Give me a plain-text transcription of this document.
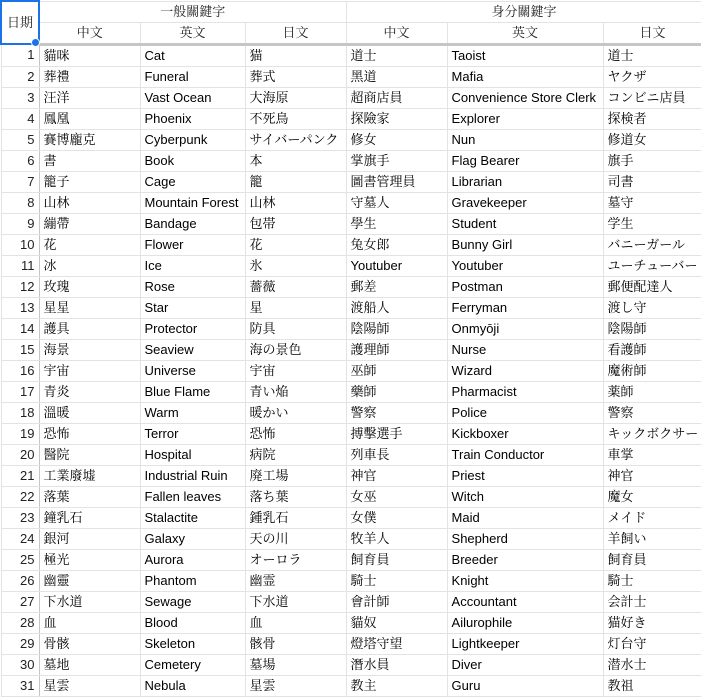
日期	一般關鍵字			身分關鍵字		
	中文	英文	日文	中文	英文	日文
1	貓咪	Cat	猫	道士	Taoist	道士
2	葬禮	Funeral	葬式	黑道	Mafia	ヤクザ
3	汪洋	Vast Ocean	大海原	超商店員	Convenience Store Clerk	コンビニ店員
4	鳳凰	Phoenix	不死鳥	探險家	Explorer	探検者
5	賽博龐克	Cyberpunk	サイバーパンク	修女	Nun	修道女
6	書	Book	本	掌旗手	Flag Bearer	旗手
7	籠子	Cage	籠	圖書管理員	Librarian	司書
8	山林	Mountain Forest	山林	守墓人	Gravekeeper	墓守
9	繃帶	Bandage	包帯	學生	Student	学生
10	花	Flower	花	兔女郎	Bunny Girl	バニーガール
11	冰	Ice	氷	Youtuber	Youtuber	ユーチューバー
12	玫瑰	Rose	薔薇	郵差	Postman	郵便配達人
13	星星	Star	星	渡船人	Ferryman	渡し守
14	護具	Protector	防具	陰陽師	Onmyōji	陰陽師
15	海景	Seaview	海の景色	護理師	Nurse	看護師
16	宇宙	Universe	宇宙	巫師	Wizard	魔術師
17	青炎	Blue Flame	青い焔	藥師	Pharmacist	薬師
18	溫暖	Warm	暖かい	警察	Police	警察
19	恐怖	Terror	恐怖	搏擊選手	Kickboxer	キックボクサー
20	醫院	Hospital	病院	列車長	Train Conductor	車掌
21	工業廢墟	Industrial Ruin	廃工場	神官	Priest	神官
22	落葉	Fallen leaves	落ち葉	女巫	Witch	魔女
23	鐘乳石	Stalactite	鍾乳石	女僕	Maid	メイド
24	銀河	Galaxy	天の川	牧羊人	Shepherd	羊飼い
25	極光	Aurora	オーロラ	飼育員	Breeder	飼育員
26	幽靈	Phantom	幽霊	騎士	Knight	騎士
27	下水道	Sewage	下水道	會計師	Accountant	会計士
28	血	Blood	血	貓奴	Ailurophile	猫好き
29	骨骸	Skeleton	骸骨	燈塔守望	Lightkeeper	灯台守
30	墓地	Cemetery	墓場	潛水員	Diver	潜水士
31	星雲	Nebula	星雲	教主	Guru	教祖
